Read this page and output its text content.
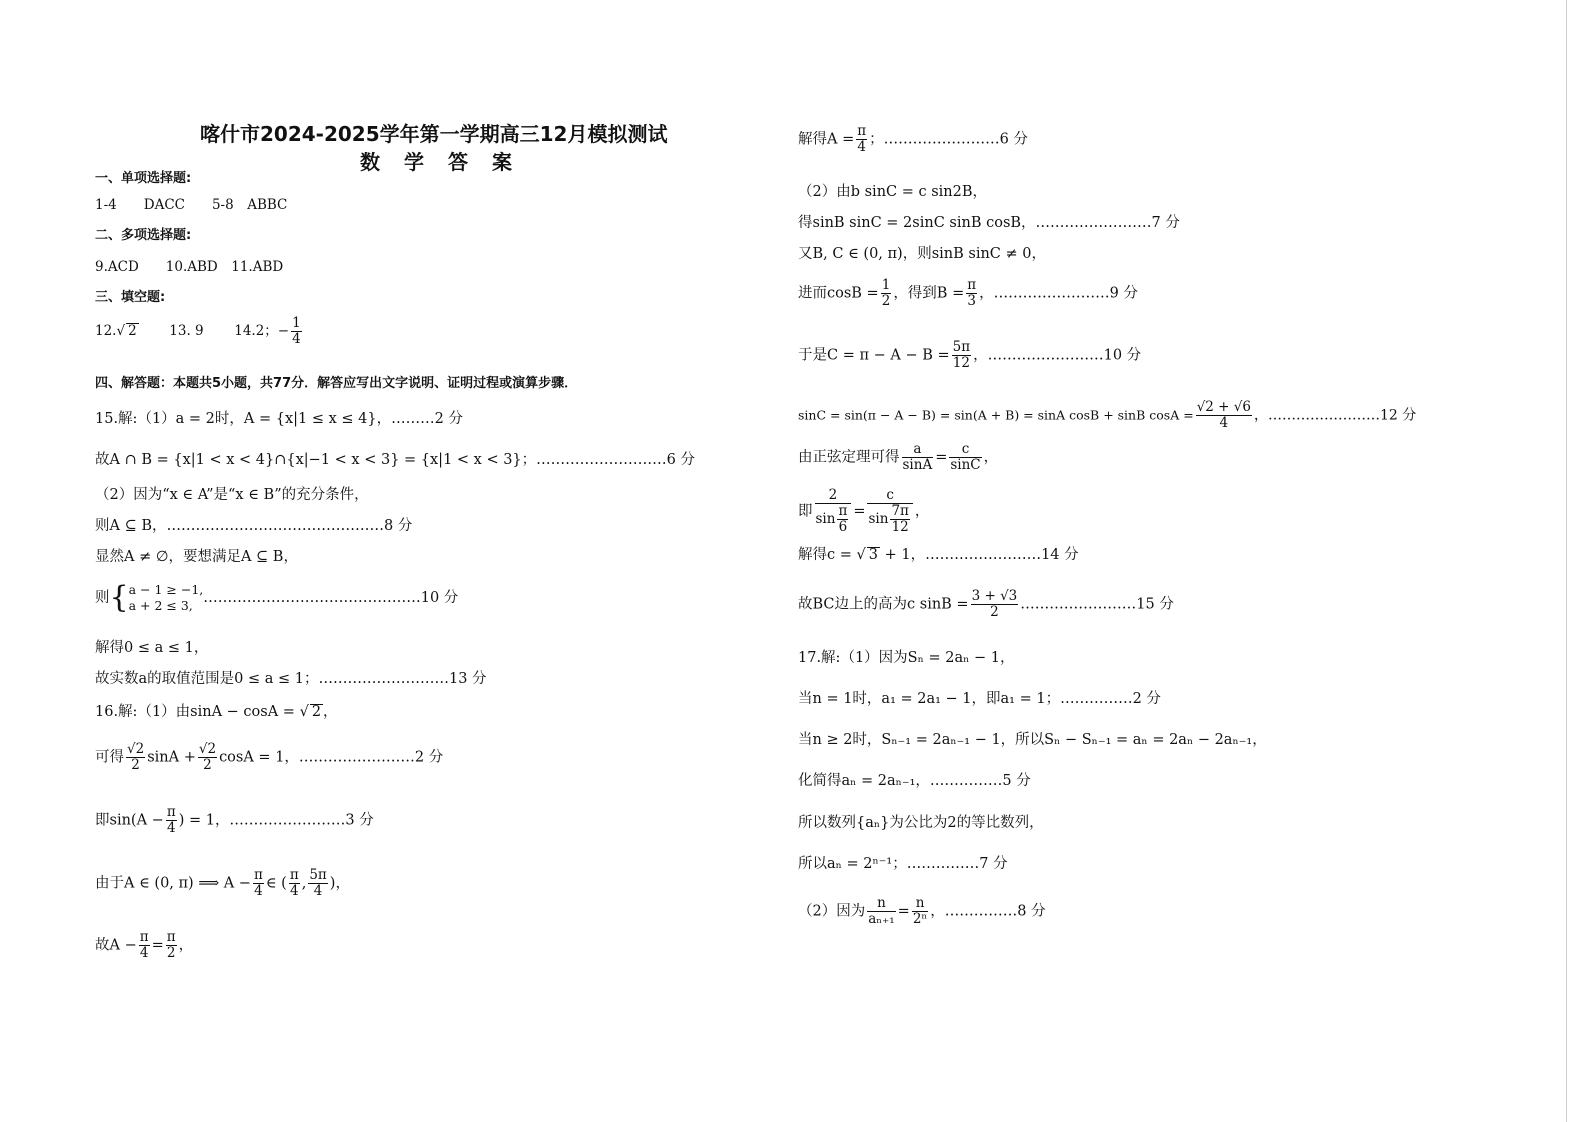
喀什市2024-2025学年第一学期高三12月模拟测试
数　学　答　案
一、单项选择题:
1-4　　DACC　　5-8　ABBC
二、多项选择题:
9.ACD　　10.ABD　11.ABD
三、填空题:
12.√ 2 13. 9 14.2；− $\frac{1}{4}$
四、解答题：本题共5小题，共77分．解答应写出文字说明、证明过程或演算步骤．
15.解:（1）a = 2时，A = {x|1 ≤ x ≤ 4}，………2 分
故A ∩ B = {x|1 < x < 4}∩{x|−1 < x < 3} = {x|1 < x < 3}；………………………6 分
（2）因为“x ∈ A”是“x ∈ B”的充分条件，
则A ⊆ B，………………………………………8 分
显然A ≠ ∅，要想满足A ⊆ B，
则{ a − 1 ≥ −1,
a + 2 ≤ 3, ………………………………………10 分
解得0 ≤ a ≤ 1，
故实数a的取值范围是0 ≤ a ≤ 1；………………………13 分
16.解:（1）由sinA − cosA = √ 2 ，
可得 $\frac{√2}{2}$ $\sin A + \frac{√2}{2}$ cosA = 1，……………………2 分
即$\sin(A - \frac{\pi}{4}$ ) = 1，……………………3 分
由于A ∈ (0, π) ⟹ $A - \frac{\pi}{4}$ ∈ ( $\frac{\pi}{4}$ , $\frac{5\pi}{4}$ )，
故$A - \frac{\pi}{4} = \frac{\pi}{2}$ ，
解得$A = \frac{\pi}{4}$ ；……………………6 分
（2）由b sinC = c sin2B，
得sinB sinC = 2sinC sinB cosB，……………………7 分
又B, C ∈ (0, π)，则sinB sinC ≠ 0，
进而$\cos B = \frac{1}{2}$ ，得到$B = \frac{\pi}{3}$ ，……………………9 分
于是$C = \pi - A - B = \frac{5\pi}{12}$ ，……………………10 分
sinC = sin(π − A − B) = sin(A + B) = sinA cosB + sinB $\cos A = \frac{√2 + √6}{4}$ ，……………………12 分
由正弦定理可得 $\frac{a}{\sin A} = \frac{c}{\sin C}$ ，
即 $\frac{2}{\sin \frac{\pi}{6}} = \frac{c}{\sin \frac{7\pi}{12}}$ ，
解得c = √ 3 + 1，……………………14 分
故BC边上的高为c $\sin B = \frac{3 + √3}{2}$ ……………………15 分
17.解:（1）因为Sₙ = 2aₙ − 1，
当n = 1时，a₁ = 2a₁ − 1，即a₁ = 1；……………2 分
当n ≥ 2时，Sₙ₋₁ = 2aₙ₋₁ − 1，所以Sₙ − Sₙ₋₁ = aₙ = 2aₙ − 2aₙ₋₁，
化简得aₙ = 2aₙ₋₁，……………5 分
所以数列{aₙ}为公比为2的等比数列，
所以aₙ = 2ⁿ⁻¹；……………7 分
（2）因为 $\frac{n}{\text{aₙ₊₁}} = \frac{n}{\text{2ⁿ}}$ ，……………8 分
